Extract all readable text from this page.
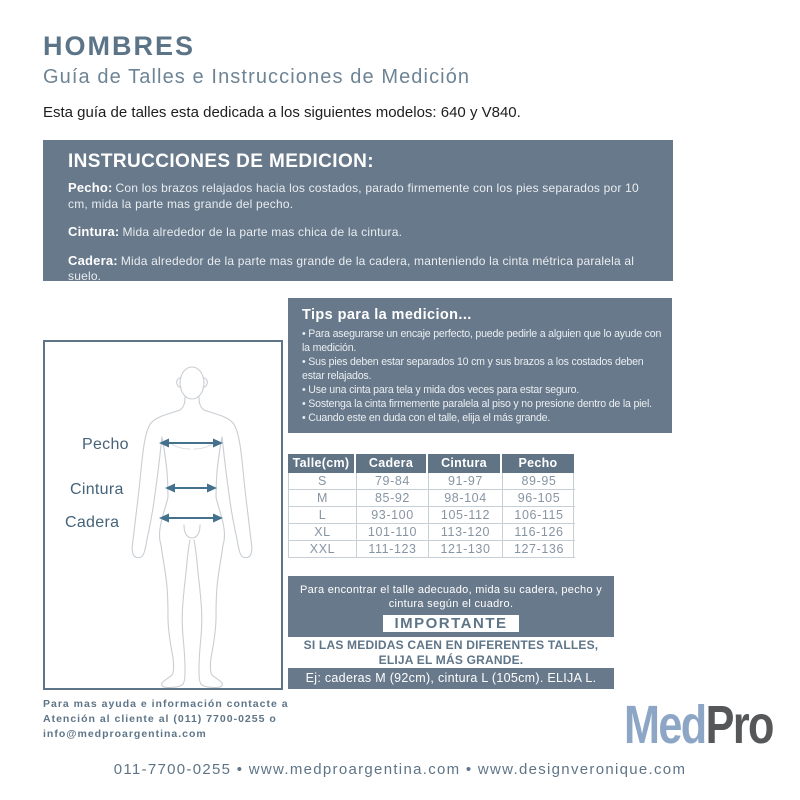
HOMBRES
Guía de Talles e Instrucciones de Medición
Esta guía de talles esta dedicada a los siguientes modelos: 640 y V840.
INSTRUCCIONES DE MEDICION:
Pecho: Con los brazos relajados hacia los costados, parado firmemente con los pies separados por 10 cm, mida la parte mas grande del pecho.
Cintura: Mida alrededor de la parte mas chica de la cintura.
Cadera: Mida alrededor de la parte mas grande de la cadera, manteniendo la cinta métrica paralela al suelo.
Tips para la medicion...
• Para asegurarse un encaje perfecto, puede pedirle a alguien que lo ayude con la medición.
• Sus pies deben estar separados 10 cm y sus brazos a los costados deben estar relajados.
• Use una cinta para tela y mida dos veces para estar seguro.
• Sostenga la cinta firmemente paralela al piso y no presione dentro de la piel.
• Cuando este en duda con el talle, elija el más grande.
Pecho
Cintura
Cadera
Talle(cm)	Cadera	Cintura	Pecho
S	79-84	91-97	89-95
M	85-92	98-104	96-105
L	93-100	105-112	106-115
XL	101-110	113-120	116-126
XXL	111-123	121-130	127-136
Para encontrar el talle adecuado, mida su cadera, pecho y
cintura según el cuadro.
IMPORTANTE
SI LAS MEDIDAS CAEN EN DIFERENTES TALLES,
ELIJA EL MÁS GRANDE.
Ej: caderas M (92cm), cintura L (105cm). ELIJA L.
Para mas ayuda e información contacte a
Atención al cliente al (011) 7700-0255 o
info@medproargentina.com	MedPro
011-7700-0255 • www.medproargentina.com • www.designveronique.com
